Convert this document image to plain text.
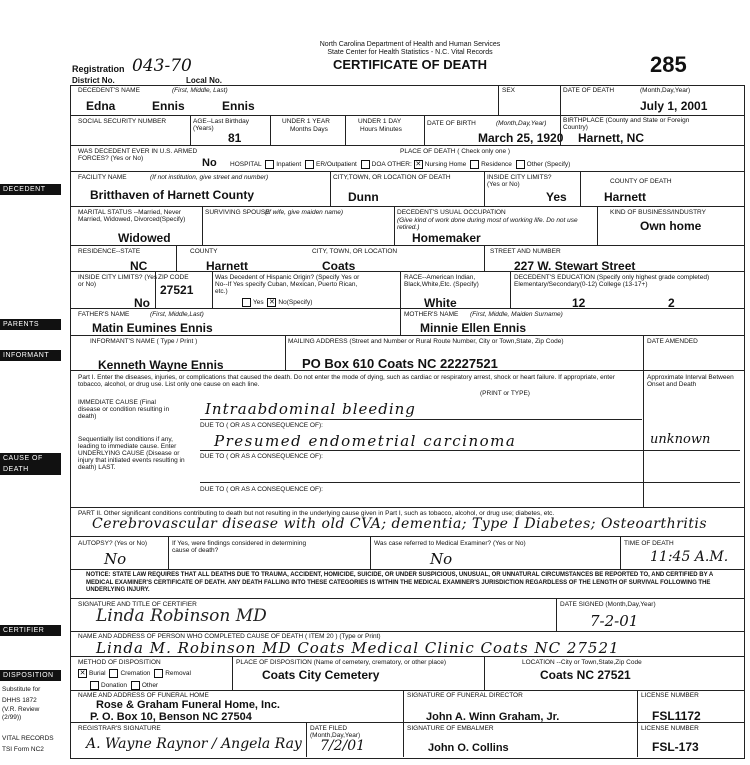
North Carolina Department of Health and Human Services
State Center for Health Statistics - N.C. Vital Records
CERTIFICATE OF DEATH	285
Registration 043-70
District No.	Local No.
DECEDENT
PARENTS
INFORMANT
CAUSE OF DEATH
CERTIFIER
DISPOSITION
Substitute for
DHHS 1872
(V.R. Review
(2/99))
VITAL RECORDS
TSI Form NC2
DECEDENT'S NAME	(First, Middle, Last)
Edna	Ennis	Ennis
SEX	DATE OF DEATH	(Month,Day,Year)
July 1, 2001
SOCIAL SECURITY NUMBER	AGE--Last Birthday (Years)
81
UNDER 1 YEAR
Months Days
UNDER 1 DAY
Hours Minutes
DATE OF BIRTH	(Month,Day,Year)
March 25, 1920
BIRTHPLACE (County and State or Foreign Country)
Harnett, NC
WAS DECEDENT EVER IN U.S. ARMED FORCES? (Yes or No)	No
PLACE OF DEATH ( Check only one )
HOSPITAL Inpatient ER/Outpatient DOA OTHER: ✕ Nursing Home Residence Other (Specify)
FACILITY NAME	(If not institution, give street and number)
Britthaven of Harnett County
CITY,TOWN, OR LOCATION OF DEATH
Dunn
INSIDE CITY LIMITS? (Yes or No)
Yes
COUNTY OF DEATH
Harnett
MARITAL STATUS --Married, Never Married, Widowed, Divorced(Specify)
Widowed
SURVIVING SPOUSE
(If wife, give maiden name)	DECEDENT'S USUAL OCCUPATION
(Give kind of work done during most of working life. Do not use retired.)
Homemaker
KIND OF BUSINESS/INDUSTRY
Own home
RESIDENCE--STATE
NC
COUNTY
Harnett
CITY, TOWN, OR LOCATION
Coats
STREET AND NUMBER
227 W. Stewart Street
INSIDE CITY LIMITS? (Yes or No)
No
ZIP CODE
27521
Was Decedent of Hispanic Origin? (Specify Yes or No--If Yes specify Cuban, Mexican, Puerto Rican, etc.)
Yes ✕ No(Specify)
RACE--American Indian, Black,White,Etc. (Specify)
White
DECEDENT'S EDUCATION (Specify only highest grade completed) Elementary/Secondary(0-12) College (13-17+)
12	2
FATHER'S NAME	(First, Middle,Last)
Matin Eumines Ennis
MOTHER'S NAME (First, Middle, Maiden Surname)
Minnie Ellen Ennis
INFORMANT'S NAME ( Type / Print )
Kenneth Wayne Ennis
MAILING ADDRESS (Street and Number or Rural Route Number, City or Town,State, Zip Code)
PO Box 610 Coats NC 22227521
DATE AMENDED
Part I. Enter the diseases, injuries, or complications that caused the death. Do not enter the mode of dying, such as cardiac or respiratory arrest, shock or heart failure. If appropriate, enter tobacco, alcohol, or drug use. List only one cause on each line.
(PRINT or TYPE)
Approximate Interval Between Onset and Death
IMMEDIATE CAUSE (Final disease or condition resulting in death)	Intraabdominal bleeding
DUE TO ( OR AS A CONSEQUENCE OF):
Sequentially list conditions if any, leading to immediate cause. Enter UNDERLYING CAUSE (Disease or injury that initiated events resulting in death) LAST.
Presumed endometrial carcinoma	unknown
DUE TO ( OR AS A CONSEQUENCE OF):
DUE TO ( OR AS A CONSEQUENCE OF):
PART II. Other significant conditions contributing to death but not resulting in the underlying cause given in Part I, such as tobacco, alcohol, or drug use; diabetes, etc.
Cerebrovascular disease with old CVA; dementia; Type I Diabetes; Osteoarthritis
AUTOPSY? (Yes or No)
No
If Yes, were findings considered in determining cause of death?
Was case referred to Medical Examiner? (Yes or No)
No
TIME OF DEATH
11:45 A.M.
NOTICE: STATE LAW REQUIRES THAT ALL DEATHS DUE TO TRAUMA, ACCIDENT, HOMICIDE, SUICIDE, OR UNDER SUSPICIOUS, UNUSUAL, OR UNNATURAL CIRCUMSTANCES BE REPORTED TO, AND CERTIFIED BY A MEDICAL EXAMINER'S CERTIFICATE OF DEATH. ANY DEATH FALLING INTO THESE CATEGORIES IS WITHIN THE MEDICAL EXAMINER'S JURISDICTION REGARDLESS OF THE LENGTH OF SURVIVAL FOLLOWING THE UNDERLYING INJURY.
SIGNATURE AND TITLE OF CERTIFIER
Linda Robinson MD
DATE SIGNED (Month,Day,Year)
7-2-01
NAME AND ADDRESS OF PERSON WHO COMPLETED CAUSE OF DEATH ( ITEM 20 ) (Type or Print)
Linda M. Robinson MD Coats Medical Clinic Coats NC 27521
METHOD OF DISPOSITION
✕ Burial Cremation Removal
Donation Other
PLACE OF DISPOSITION (Name of cemetery, crematory, or other place)
Coats City Cemetery
LOCATION --City or Town,State,Zip Code
Coats NC 27521
NAME AND ADDRESS OF FUNERAL HOME
Rose & Graham Funeral Home, Inc.
P. O. Box 10, Benson NC 27504
SIGNATURE OF FUNERAL DIRECTOR
John A. Winn Graham, Jr.
LICENSE NUMBER
FSL1172
REGISTRAR'S SIGNATURE
A. Wayne Raynor / Angela Ray
DATE FILED (Month,Day,Year)
7/2/01
SIGNATURE OF EMBALMER
John O. Collins
LICENSE NUMBER
FSL-173
